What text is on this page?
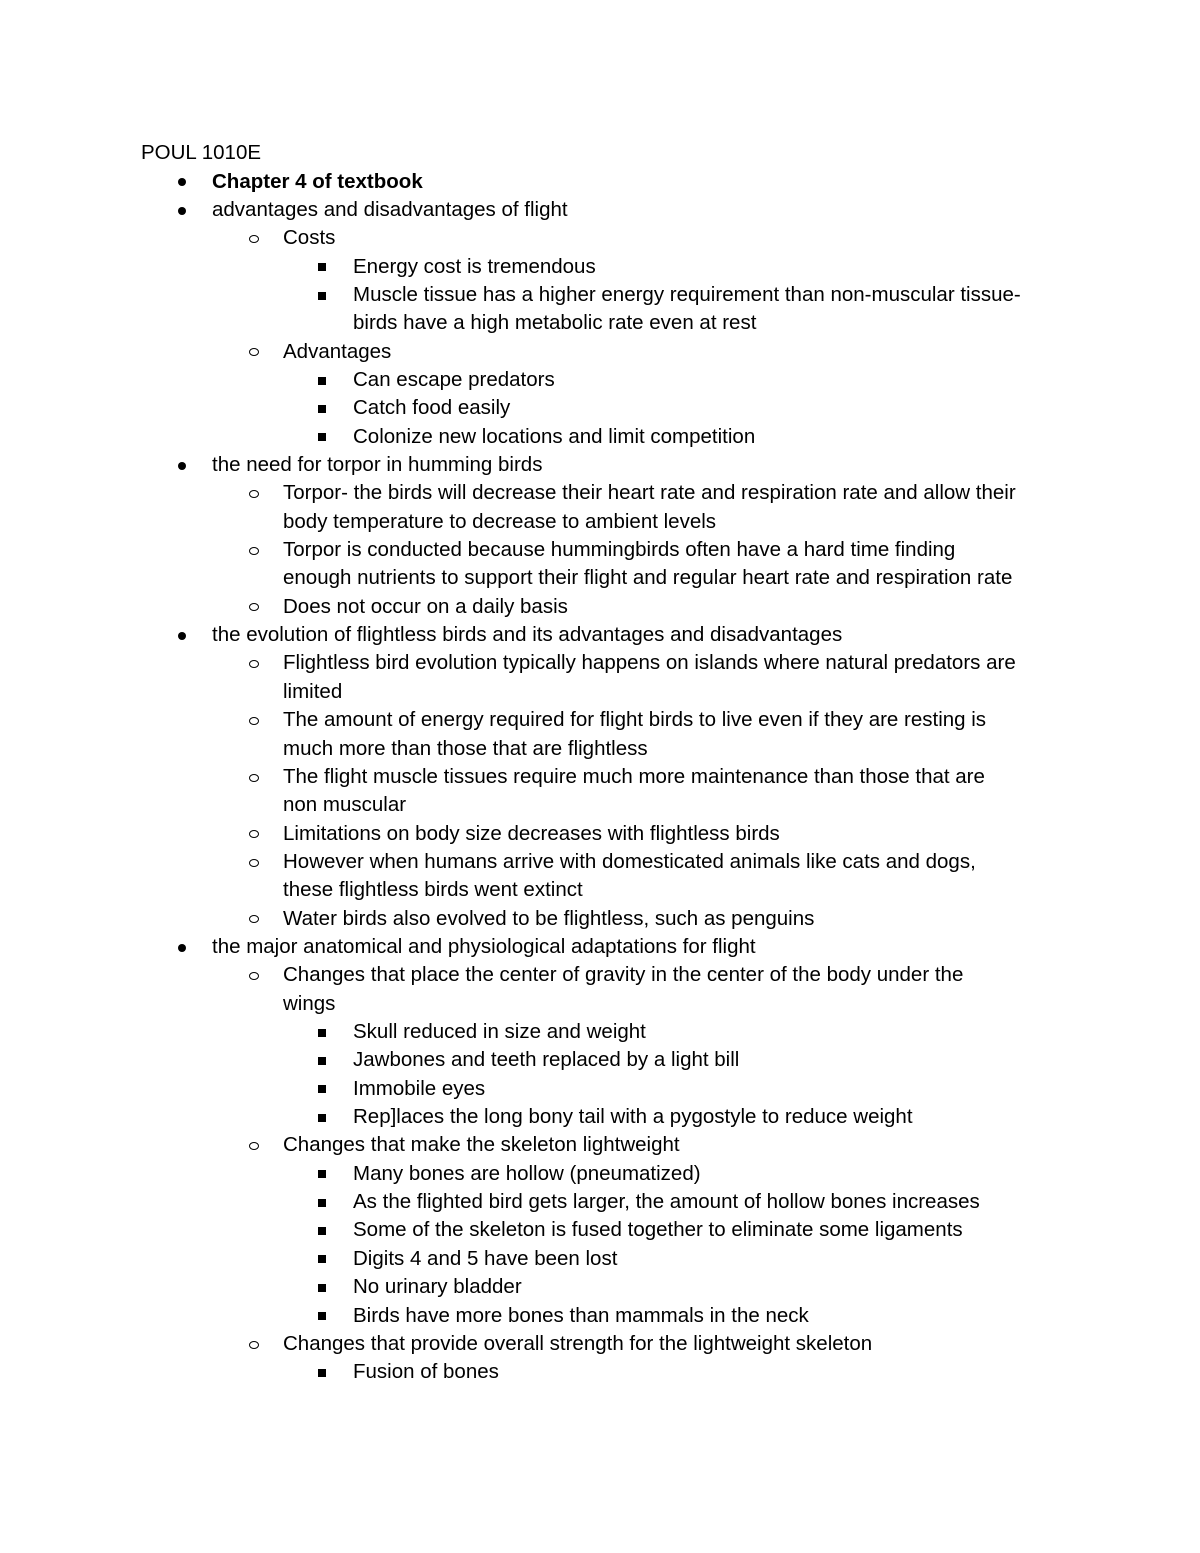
POUL 1010E
Chapter 4 of textbook
advantages and disadvantages of flight
Costs
Energy cost is tremendous
Muscle tissue has a higher energy requirement than non-muscular tissue-
birds have a high metabolic rate even at rest
Advantages
Can escape predators
Catch food easily
Colonize new locations and limit competition
the need for torpor in humming birds
Torpor- the birds will decrease their heart rate and respiration rate and allow their
body temperature to decrease to ambient levels
Torpor is conducted because hummingbirds often have a hard time finding
enough nutrients to support their flight and regular heart rate and respiration rate
Does not occur on a daily basis
the evolution of flightless birds and its advantages and disadvantages
Flightless bird evolution typically happens on islands where natural predators are
limited
The amount of energy required for flight birds to live even if they are resting is
much more than those that are flightless
The flight muscle tissues require much more maintenance than those that are
non muscular
Limitations on body size decreases with flightless birds
However when humans arrive with domesticated animals like cats and dogs,
these flightless birds went extinct
Water birds also evolved to be flightless, such as penguins
the major anatomical and physiological adaptations for flight
Changes that place the center of gravity in the center of the body under the
wings
Skull reduced in size and weight
Jawbones and teeth replaced by a light bill
Immobile eyes
Rep]laces the long bony tail with a pygostyle to reduce weight
Changes that make the skeleton lightweight
Many bones are hollow (pneumatized)
As the flighted bird gets larger, the amount of hollow bones increases
Some of the skeleton is fused together to eliminate some ligaments
Digits 4 and 5 have been lost
No urinary bladder
Birds have more bones than mammals in the neck
Changes that provide overall strength for the lightweight skeleton
Fusion of bones
